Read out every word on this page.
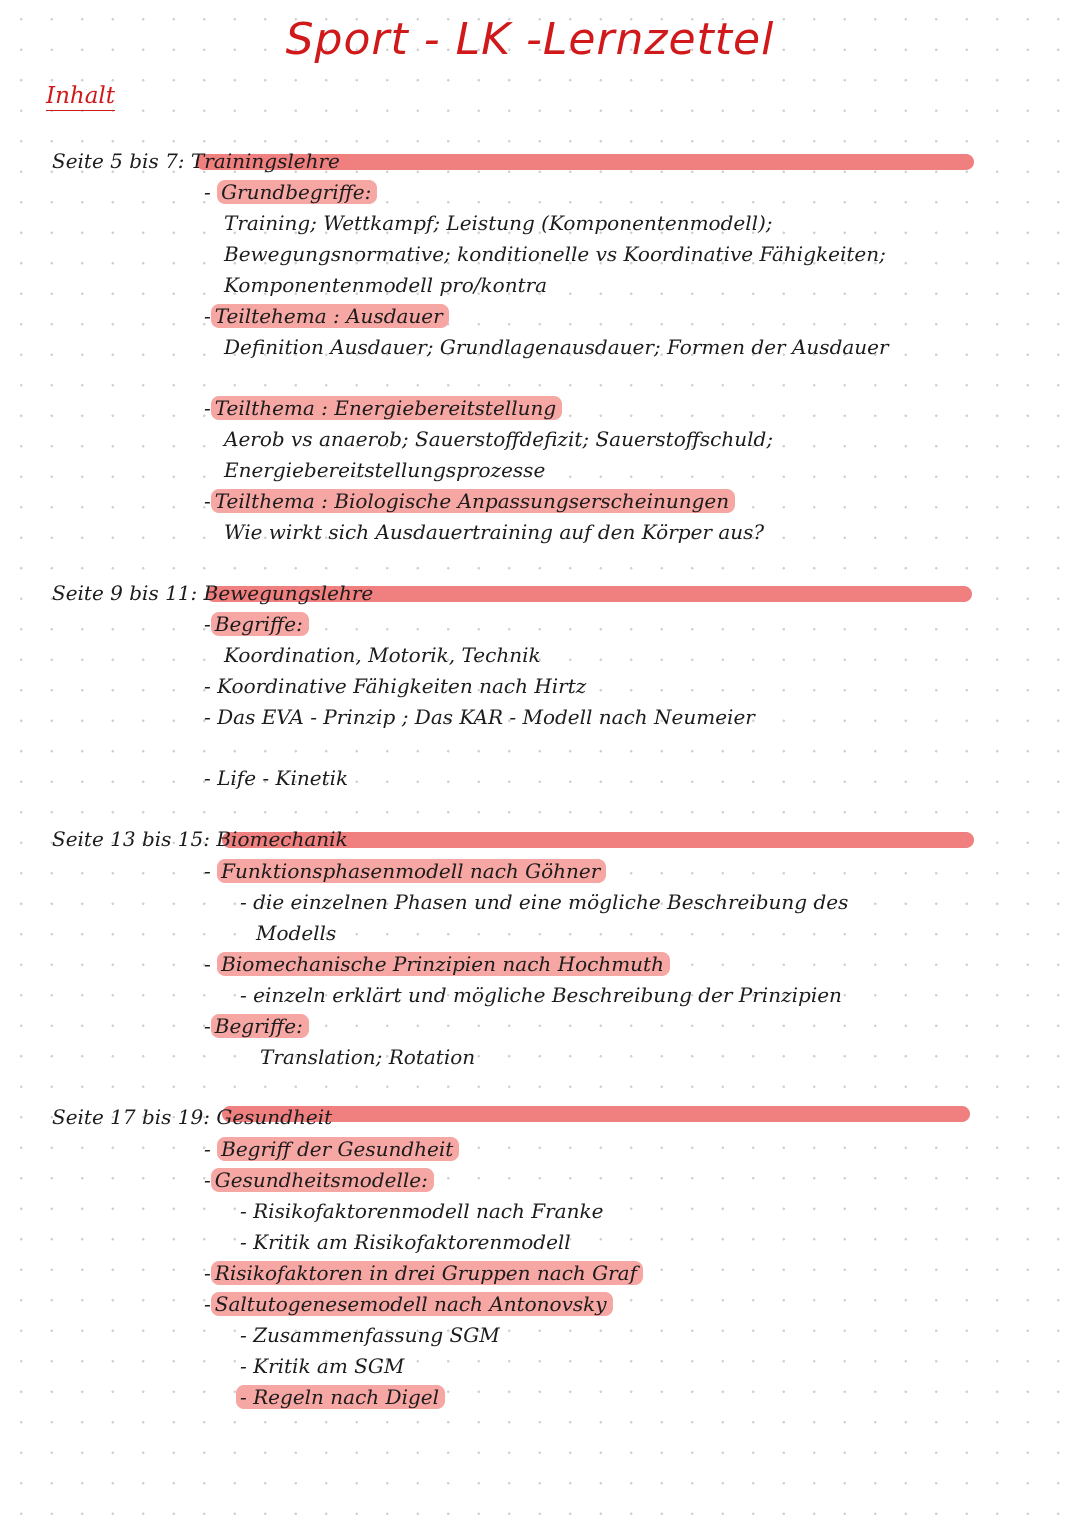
Sport - LK -Lernzettel
Inhalt
Seite 5 bis 7: Trainingslehre
- Grundbegriffe:
Training; Wettkampf; Leistung (Komponentenmodell);
Bewegungsnormative; konditionelle vs Koordinative Fähigkeiten;
Komponentenmodell pro/kontra
- Teiltehema : Ausdauer
Definition Ausdauer; Grundlagenausdauer; Formen der Ausdauer
- Teilthema : Energiebereitstellung
Aerob vs anaerob; Sauerstoffdefizit; Sauerstoffschuld;
Energiebereitstellungsprozesse
- Teilthema : Biologische Anpassungserscheinungen
Wie wirkt sich Ausdauertraining auf den Körper aus?
Seite 9 bis 11: Bewegungslehre
- Begriffe:
Koordination, Motorik, Technik
- Koordinative Fähigkeiten nach Hirtz
- Das EVA - Prinzip ; Das KAR - Modell nach Neumeier
- Life - Kinetik
Seite 13 bis 15: Biomechanik
- Funktionsphasenmodell nach Göhner
- die einzelnen Phasen und eine mögliche Beschreibung des
Modells
- Biomechanische Prinzipien nach Hochmuth
- einzeln erklärt und mögliche Beschreibung der Prinzipien
- Begriffe:
Translation; Rotation
Seite 17 bis 19: Gesundheit
- Begriff der Gesundheit
- Gesundheitsmodelle:
- Risikofaktorenmodell nach Franke
- Kritik am Risikofaktorenmodell
- Risikofaktoren in drei Gruppen nach Graf
- Saltutogenesemodell nach Antonovsky
- Zusammenfassung SGM
- Kritik am SGM
- Regeln nach Digel
